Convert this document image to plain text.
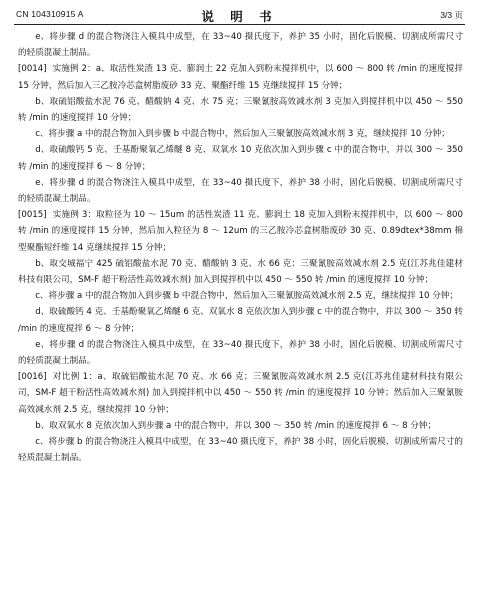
CN 104310915 A	说 明 书	3/3 页

e、将步骤 d 的混合物浇注入模具中成型，在 33~40 摄氏度下，养护 35 小时，固化后脱模、切割成所需尺寸的轻质混凝土制品。

[0014] 实施例 2：a、取活性炭渣 13 克、膨润土 22 克加入到粉末搅拌机中，以 600 ～ 800 转 /min 的速度搅拌 15 分钟，然后加入三乙胺冷芯盒树脂废砂 33 克、聚酯纤维 15 克继续搅拌 15 分钟；

b、取硫铝酸盐水泥 76 克、醋酸钠 4 克、水 75 克；三聚氰胺高效减水剂 3 克加入到搅拌机中以 450 ～ 550 转 /min 的速度搅拌 10 分钟；

c、将步骤 a 中的混合物加入到步骤 b 中混合物中，然后加入三聚氰胺高效减水剂 3 克，继续搅拌 10 分钟；

d、取硫酸钙 5 克、壬基酚聚氧乙烯醚 8 克、双氧水 10 克依次加入到步骤 c 中的混合物中，并以 300 ～ 350 转 /min 的速度搅拌 6 ～ 8 分钟；

e、将步骤 d 的混合物浇注入模具中成型，在 33~40 摄氏度下，养护 38 小时，固化后脱模、切割成所需尺寸的轻质混凝土制品。

[0015] 实施例 3：取粒径为 10 ～ 15um 的活性炭渣 11 克、膨润土 18 克加入到粉末搅拌机中，以 600 ～ 800 转 /min 的速度搅拌 15 分钟，然后加入粒径为 8 ～ 12um 的三乙胺冷芯盒树脂废砂 30 克、0.89dtex*38mm 棉型聚酯短纤维 14 克继续搅拌 15 分钟；

b、取交城福宁 425 硫铝酸盐水泥 70 克、醋酸钠 3 克、水 66 克；三聚氰胺高效减水剂 2.5 克(江苏兆佳建材科技有限公司，SM-F 超干粉活性高效减水剂) 加入到搅拌机中以 450 ～ 550 转 /min 的速度搅拌 10 分钟；

c、将步骤 a 中的混合物加入到步骤 b 中混合物中，然后加入三聚氰胺高效减水剂 2.5 克，继续搅拌 10 分钟；

d、取硫酸钙 4 克、壬基酚聚氧乙烯醚 6 克、双氧水 8 克依次加入到步骤 c 中的混合物中，并以 300 ～ 350 转 /min 的速度搅拌 6 ～ 8 分钟；

e、将步骤 d 的混合物浇注入模具中成型，在 33~40 摄氏度下，养护 38 小时，固化后脱模、切割成所需尺寸的轻质混凝土制品。

[0016] 对比例 1：a、取硫铝酸盐水泥 70 克、水 66 克；三聚氰胺高效减水剂 2.5 克(江苏兆佳建材科技有限公司，SM-F 超干粉活性高效减水剂) 加入到搅拌机中以 450 ～ 550 转 /min 的速度搅拌 10 分钟；然后加入三聚氰胺高效减水剂 2.5 克，继续搅拌 10 分钟；

b、取双氧水 8 克依次加入到步骤 a 中的混合物中，并以 300 ～ 350 转 /min 的速度搅拌 6 ～ 8 分钟；

c、将步骤 b 的混合物浇注入模具中成型，在 33~40 摄氏度下，养护 38 小时，固化后脱模、切割成所需尺寸的轻质混凝土制品。
